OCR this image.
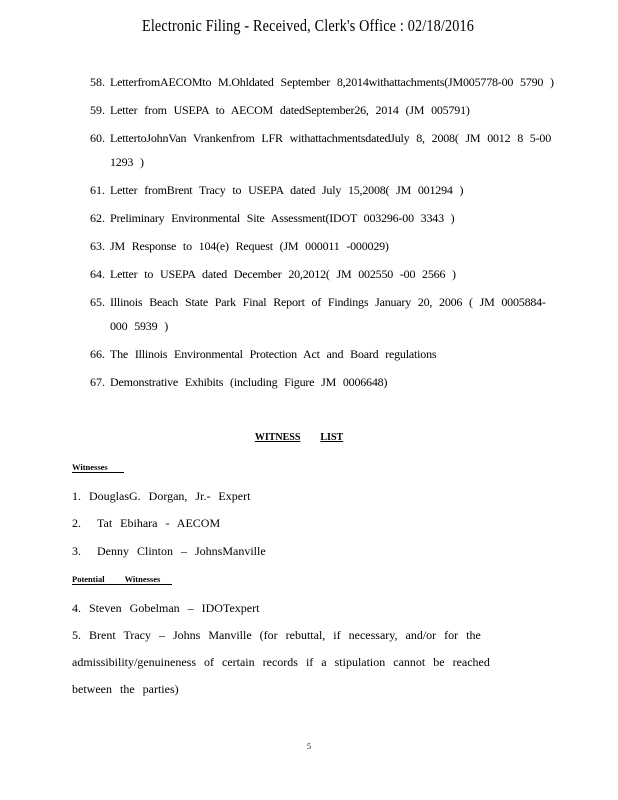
Electronic Filing - Received, Clerk's Office : 02/18/2016
58. LetterfromAECOMto M.Ohldated September 8,2014withattachments(JM005778-00 5790 )
59. Letter from USEPA to AECOM datedSeptember26, 2014 (JM 005791)
60. LettertoJohnVan Vrankenfrom LFR withattachmentsdatedJuly 8, 2008( JM 0012 8 5-00 1293 )
61. Letter fromBrent Tracy to USEPA dated July 15,2008( JM 001294 )
62. Preliminary Environmental Site Assessment(IDOT 003296-00 3343 )
63. JM Response to 104(e) Request (JM 000011 -000029)
64. Letter to USEPA dated December 20,2012( JM 002550 -00 2566 )
65. Illinois Beach State Park Final Report of Findings January 20, 2006 ( JM 0005884-000 5939 )
66. The Illinois Environmental Protection Act and Board regulations
67. Demonstrative Exhibits (including Figure JM 0006648)
WITNESS LIST
Witnesses
1. DouglasG. Dorgan, Jr.- Expert
2. Tat Ebihara - AECOM
3. Denny Clinton – JohnsManville
Potential Witnesses
4. Steven Gobelman – IDOTexpert
5. Brent Tracy – Johns Manville (for rebuttal, if necessary, and/or for the admissibility/genuineness of certain records if a stipulation cannot be reached between the parties)
5
